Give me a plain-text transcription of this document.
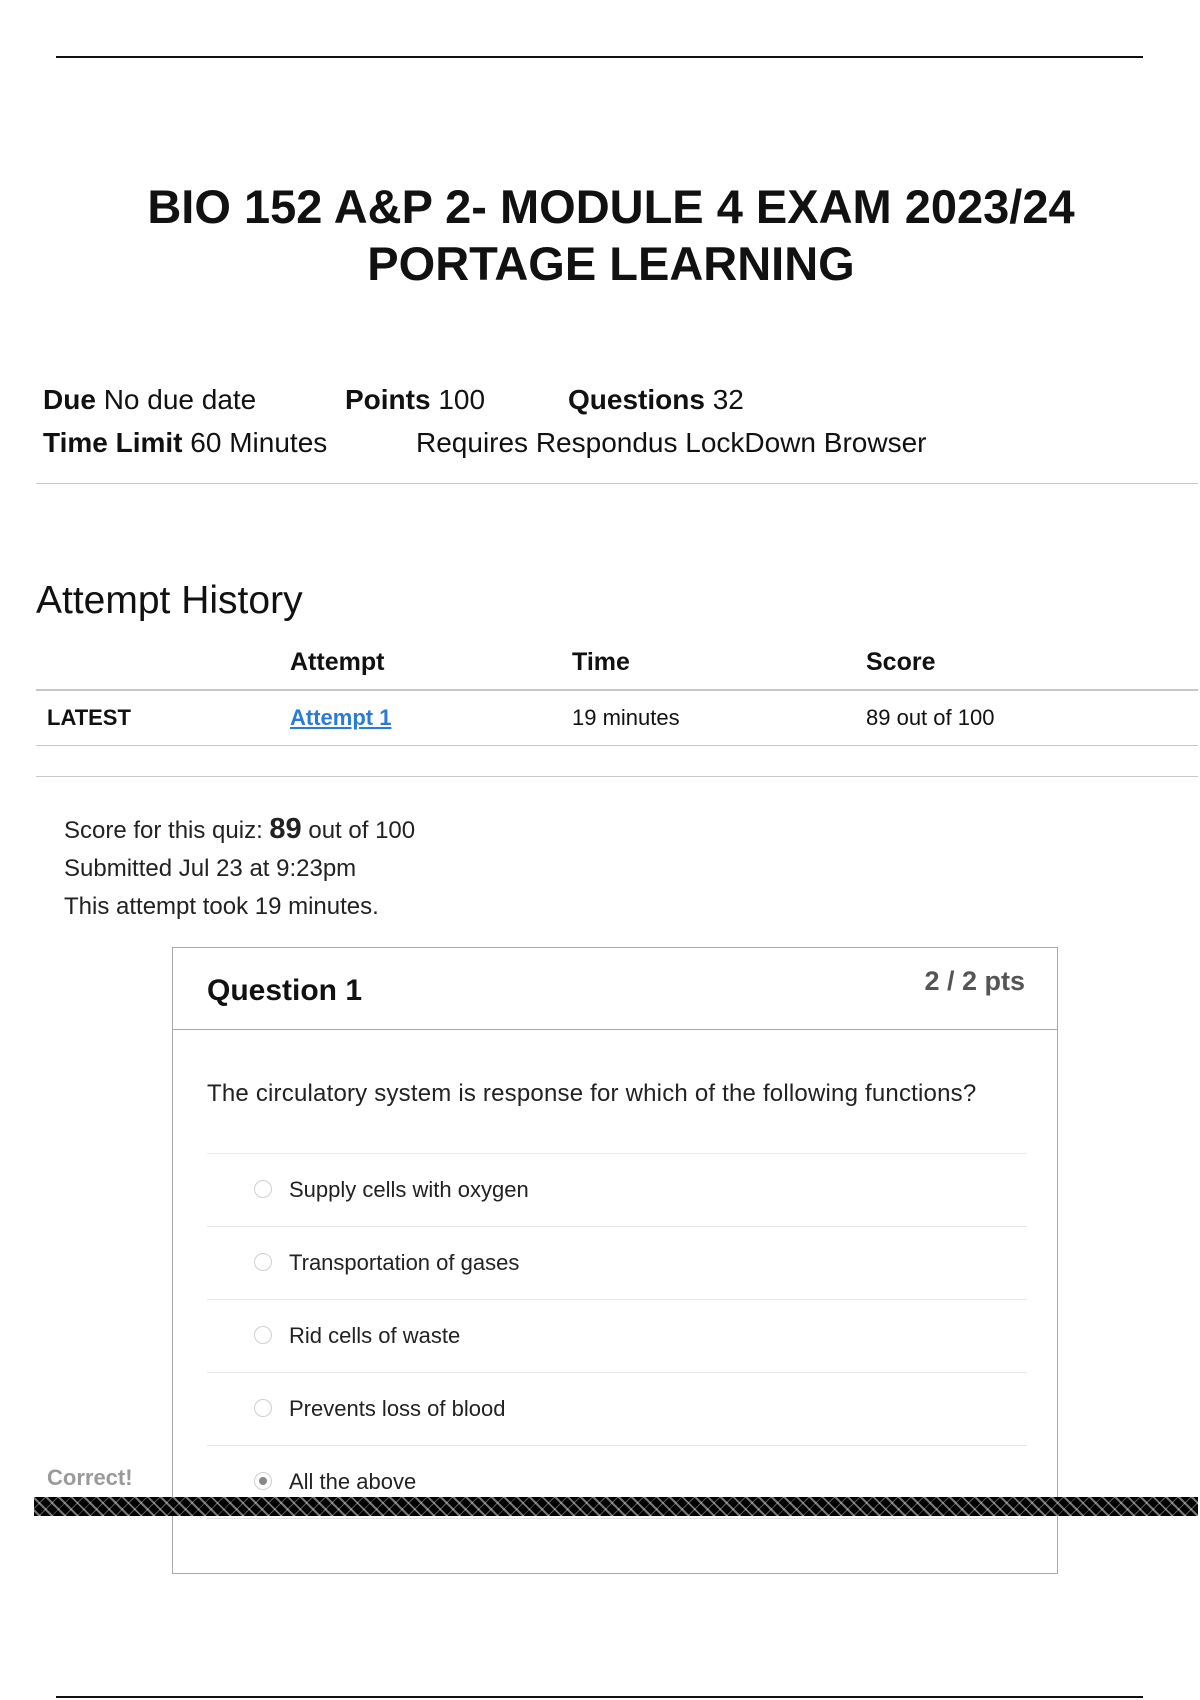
BIO 152 A&P 2- MODULE 4 EXAM 2023/24
PORTAGE LEARNING
Due No due date	Points 100	Questions 32
Time Limit 60 Minutes	Requires Respondus LockDown Browser
Attempt History
	Attempt	Time	Score
LATEST	Attempt 1	19 minutes	89 out of 100
Score for this quiz: 89 out of 100
Submitted Jul 23 at 9:23pm
This attempt took 19 minutes.
Question 1	2 / 2 pts
The circulatory system is response for which of the following functions?
Supply cells with oxygen
Transportation of gases
Rid cells of waste
Prevents loss of blood
All the above
Correct!
